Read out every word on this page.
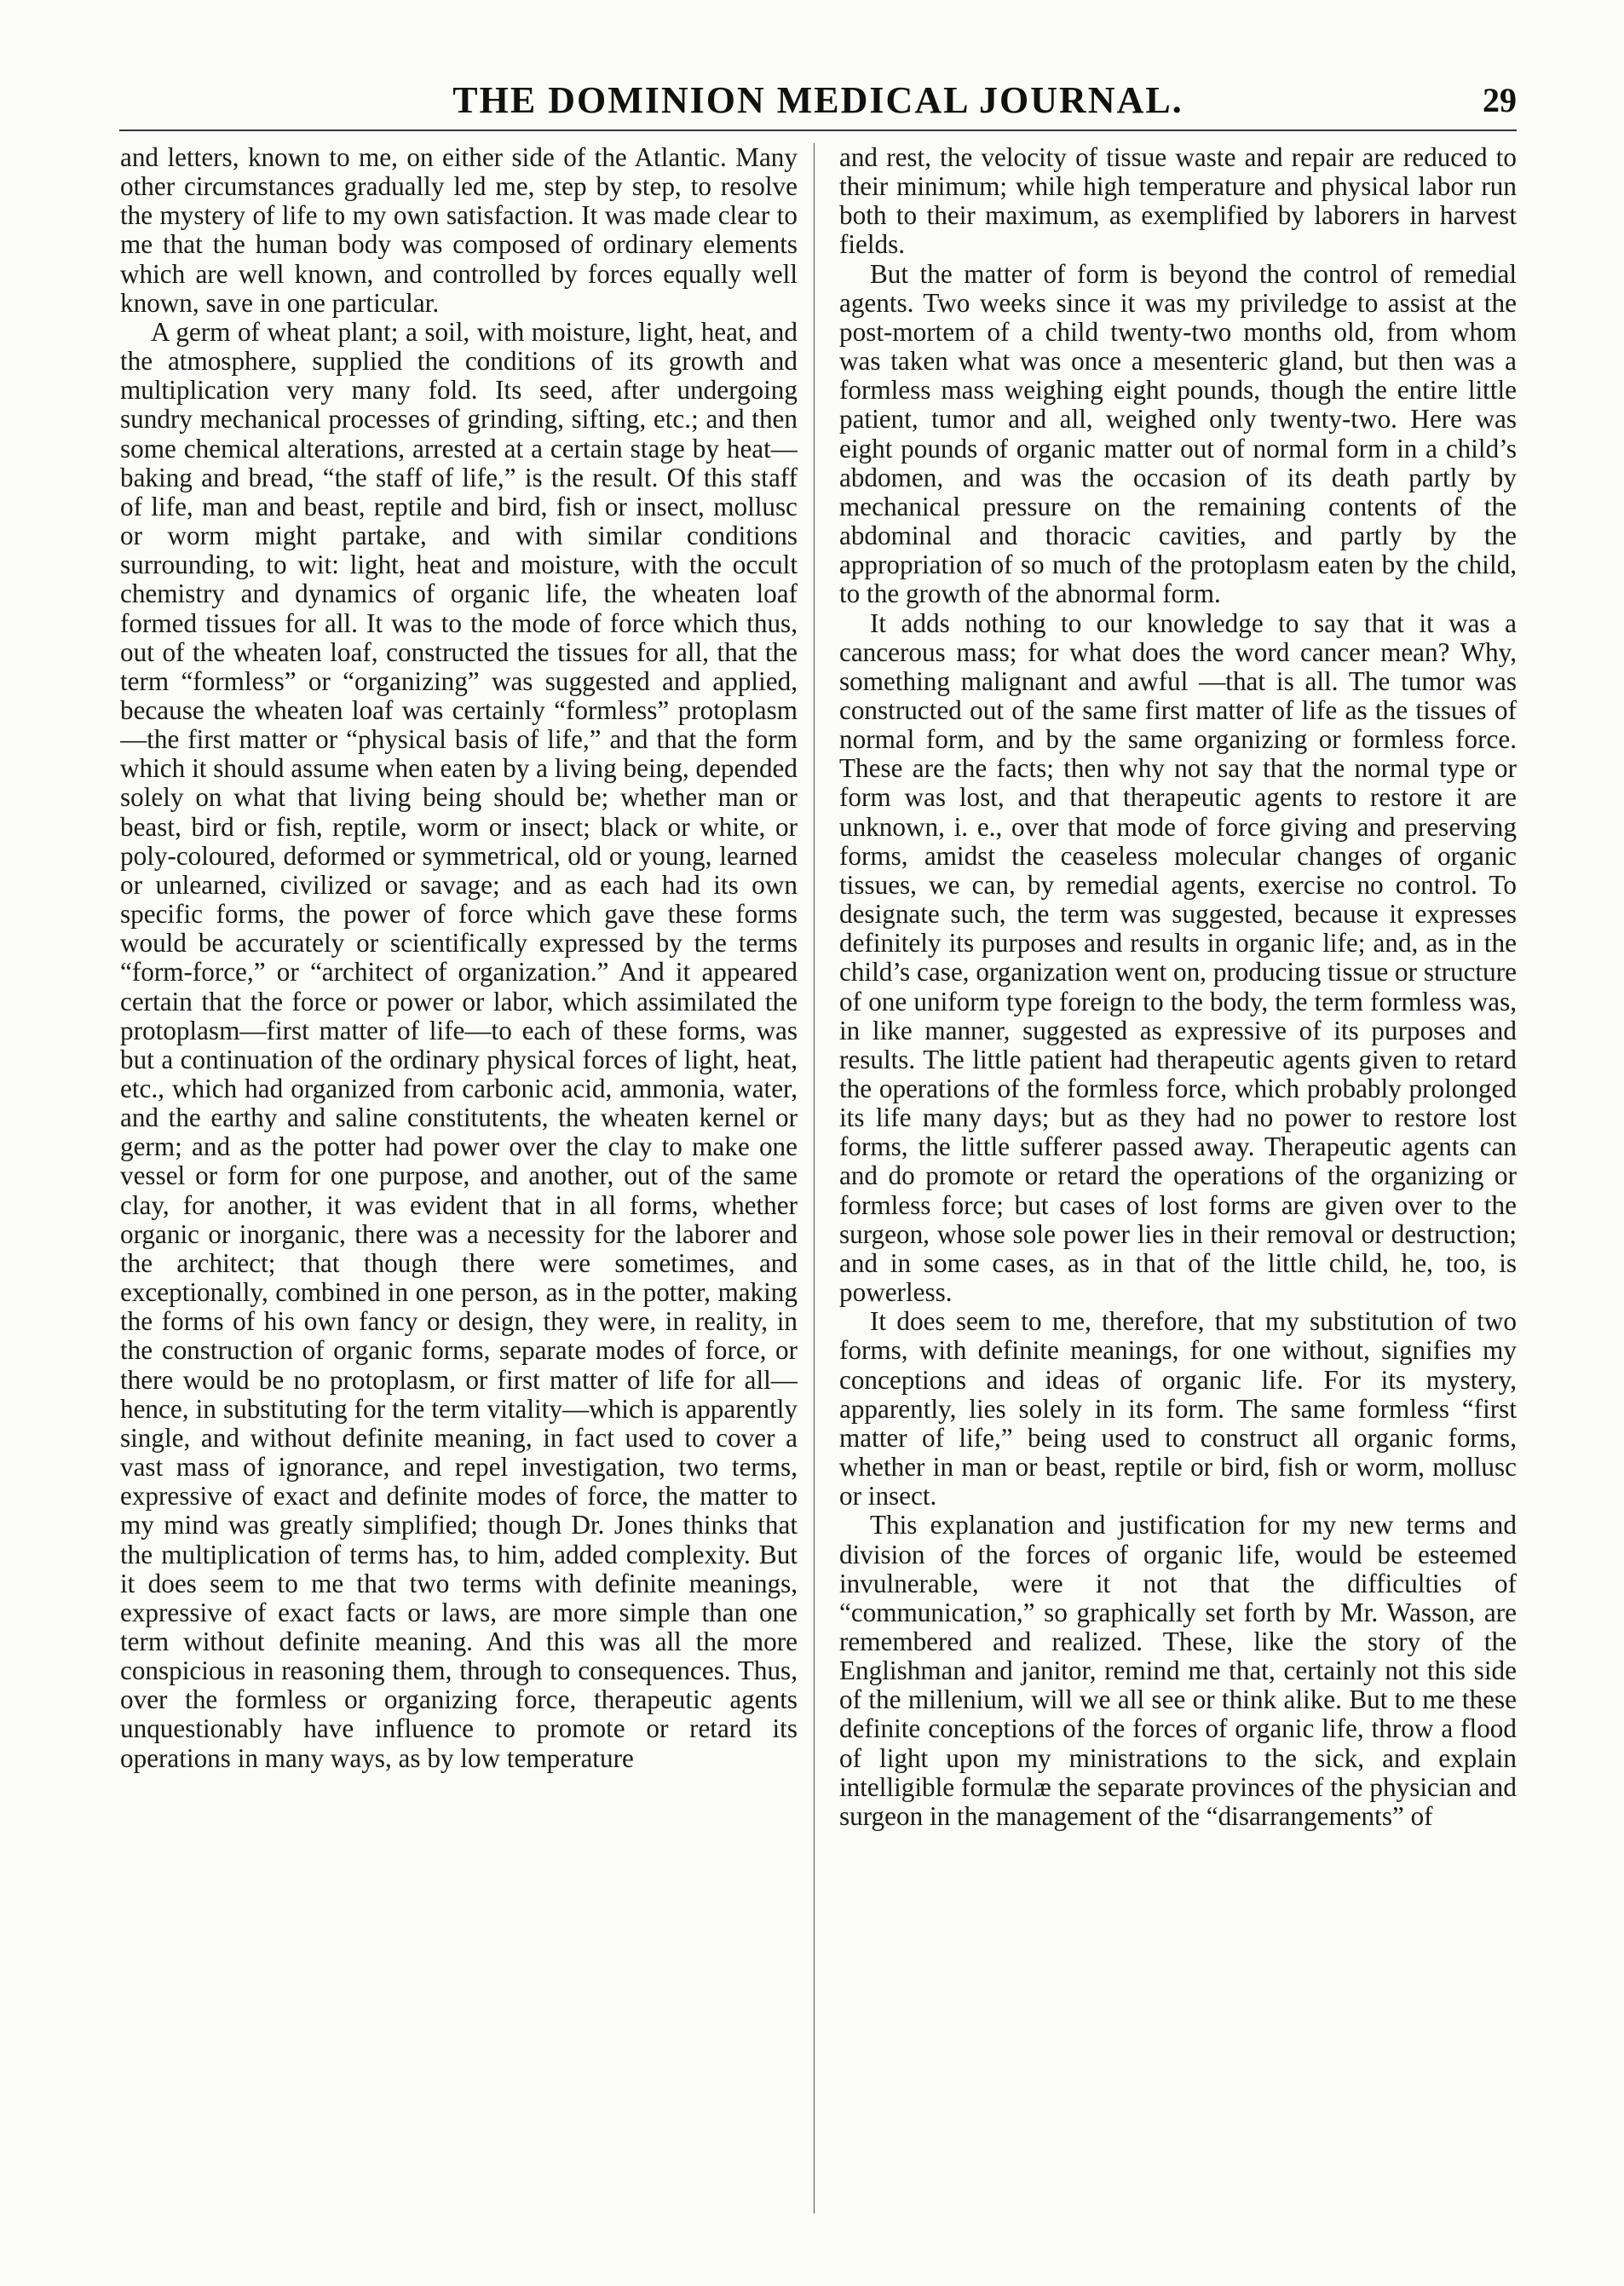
THE DOMINION MEDICAL JOURNAL.	29

and letters, known to me, on either side of the Atlantic. Many other circumstances gradually led me, step by step, to resolve the mystery of life to my own satisfaction. It was made clear to me that the human body was composed of ordinary elements which are well known, and controlled by forces equally well known, save in one particular.

A germ of wheat plant; a soil, with moisture, light, heat, and the atmosphere, supplied the conditions of its growth and multiplication very many fold. Its seed, after undergoing sundry mechanical processes of grinding, sifting, etc.; and then some chemical alterations, arrested at a certain stage by heat—baking and bread, “the staff of life,” is the result. Of this staff of life, man and beast, reptile and bird, fish or insect, mollusc or worm might partake, and with similar conditions surrounding, to wit: light, heat and moisture, with the occult chemistry and dynamics of organic life, the wheaten loaf formed tissues for all. It was to the mode of force which thus, out of the wheaten loaf, constructed the tissues for all, that the term “formless” or “organizing” was suggested and applied, because the wheaten loaf was certainly “formless” protoplasm—the first matter or “physical basis of life,” and that the form which it should assume when eaten by a living being, depended solely on what that living being should be; whether man or beast, bird or fish, reptile, worm or insect; black or white, or poly-coloured, deformed or symmetrical, old or young, learned or unlearned, civilized or savage; and as each had its own specific forms, the power of force which gave these forms would be accurately or scientifically expressed by the terms “form-force,” or “architect of organization.” And it appeared certain that the force or power or labor, which assimilated the protoplasm—first matter of life—to each of these forms, was but a continuation of the ordinary physical forces of light, heat, etc., which had organized from carbonic acid, ammonia, water, and the earthy and saline constitutents, the wheaten kernel or germ; and as the potter had power over the clay to make one vessel or form for one purpose, and another, out of the same clay, for another, it was evident that in all forms, whether organic or inorganic, there was a necessity for the laborer and the architect; that though there were sometimes, and exceptionally, combined in one person, as in the potter, making the forms of his own fancy or design, they were, in reality, in the construction of organic forms, separate modes of force, or there would be no protoplasm, or first matter of life for all—hence, in substituting for the term vitality—which is apparently single, and without definite meaning, in fact used to cover a vast mass of ignorance, and repel investigation, two terms, expressive of exact and definite modes of force, the matter to my mind was greatly simplified; though Dr. Jones thinks that the multiplication of terms has, to him, added complexity. But it does seem to me that two terms with definite meanings, expressive of exact facts or laws, are more simple than one term without definite meaning. And this was all the more conspicious in reasoning them, through to consequences. Thus, over the formless or organizing force, therapeutic agents unquestionably have influence to promote or retard its operations in many ways, as by low temperature

and rest, the velocity of tissue waste and repair are reduced to their minimum; while high temperature and physical labor run both to their maximum, as exemplified by laborers in harvest fields.

But the matter of form is beyond the control of remedial agents. Two weeks since it was my priviledge to assist at the post-mortem of a child twenty-two months old, from whom was taken what was once a mesenteric gland, but then was a formless mass weighing eight pounds, though the entire little patient, tumor and all, weighed only twenty-two. Here was eight pounds of organic matter out of normal form in a child’s abdomen, and was the occasion of its death partly by mechanical pressure on the remaining contents of the abdominal and thoracic cavities, and partly by the appropriation of so much of the protoplasm eaten by the child, to the growth of the abnormal form.

It adds nothing to our knowledge to say that it was a cancerous mass; for what does the word cancer mean? Why, something malignant and awful —that is all. The tumor was constructed out of the same first matter of life as the tissues of normal form, and by the same organizing or formless force. These are the facts; then why not say that the normal type or form was lost, and that therapeutic agents to restore it are unknown, i. e., over that mode of force giving and preserving forms, amidst the ceaseless molecular changes of organic tissues, we can, by remedial agents, exercise no control. To designate such, the term was suggested, because it expresses definitely its purposes and results in organic life; and, as in the child’s case, organization went on, producing tissue or structure of one uniform type foreign to the body, the term formless was, in like manner, suggested as expressive of its purposes and results. The little patient had therapeutic agents given to retard the operations of the formless force, which probably prolonged its life many days; but as they had no power to restore lost forms, the little sufferer passed away. Therapeutic agents can and do promote or retard the operations of the organizing or formless force; but cases of lost forms are given over to the surgeon, whose sole power lies in their removal or destruction; and in some cases, as in that of the little child, he, too, is powerless.

It does seem to me, therefore, that my substitution of two forms, with definite meanings, for one without, signifies my conceptions and ideas of organic life. For its mystery, apparently, lies solely in its form. The same formless “first matter of life,” being used to construct all organic forms, whether in man or beast, reptile or bird, fish or worm, mollusc or insect.

This explanation and justification for my new terms and division of the forces of organic life, would be esteemed invulnerable, were it not that the difficulties of “communication,” so graphically set forth by Mr. Wasson, are remembered and realized. These, like the story of the Englishman and janitor, remind me that, certainly not this side of the millenium, will we all see or think alike. But to me these definite conceptions of the forces of organic life, throw a flood of light upon my ministrations to the sick, and explain intelligible formulæ the separate provinces of the physician and surgeon in the management of the “disarrangements” of
